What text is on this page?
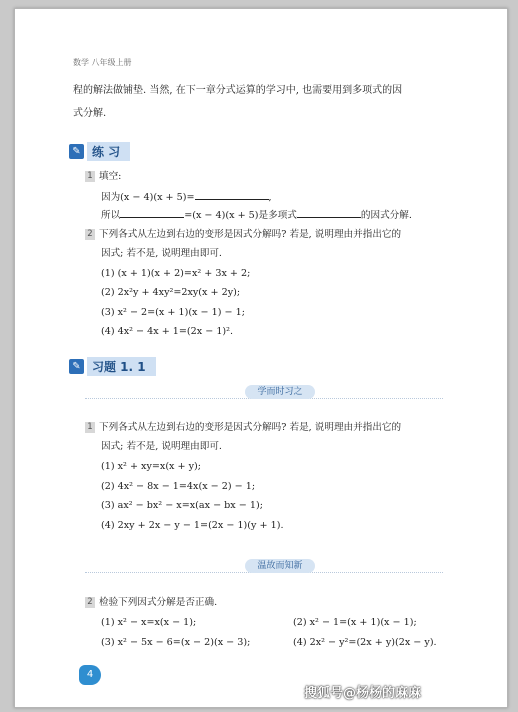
数学 八年级上册
程的解法做铺垫. 当然, 在下一章分式运算的学习中, 也需要用到多项式的因
式分解.
✎ 练 习
1 填空:
因为(x − 4)(x + 5)=	,
所以	=(x − 4)(x + 5)是多项式	的因式分解.
2 下列各式从左边到右边的变形是因式分解吗? 若是, 说明理由并指出它的
因式; 若不是, 说明理由即可.
(1) (x + 1)(x + 2)=x² + 3x + 2;
(2) 2x²y + 4xy²=2xy(x + 2y);
(3) x² − 2=(x + 1)(x − 1) − 1;
(4) 4x² − 4x + 1=(2x − 1)².
✎ 习题 1. 1
学而时习之
1 下列各式从左边到右边的变形是因式分解吗? 若是, 说明理由并指出它的
因式; 若不是, 说明理由即可.
(1) x² + xy=x(x + y);
(2) 4x² − 8x − 1=4x(x − 2) − 1;
(3) ax² − bx² − x=x(ax − bx − 1);
(4) 2xy + 2x − y − 1=(2x − 1)(y + 1).
温故而知新
2 检验下列因式分解是否正确.
(1) x² − x=x(x − 1);	(2) x² − 1=(x + 1)(x − 1);
(3) x² − 5x − 6=(x − 2)(x − 3);	(4) 2x² − y²=(2x + y)(2x − y).
4
搜狐号@杨杨的麻麻
